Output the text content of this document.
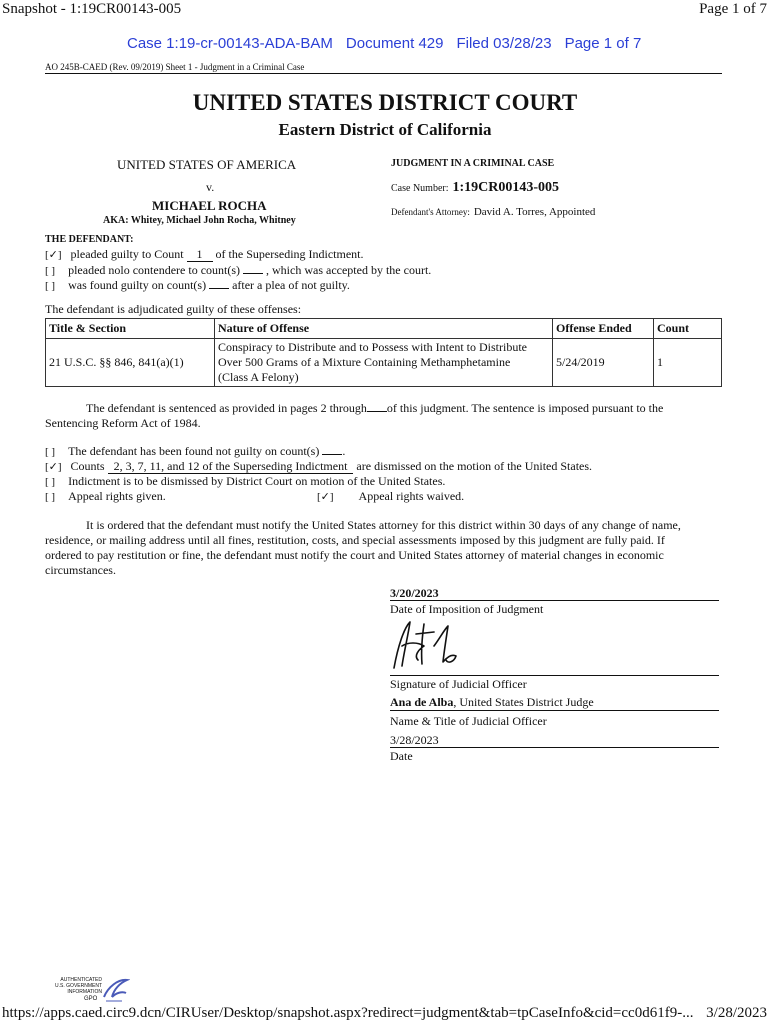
Snapshot - 1:19CR00143-005	Page 1 of 7
Case 1:19-cr-00143-ADA-BAM Document 429 Filed 03/28/23 Page 1 of 7
AO 245B-CAED (Rev. 09/2019) Sheet 1 - Judgment in a Criminal Case
UNITED STATES DISTRICT COURT
Eastern District of California
UNITED STATES OF AMERICA
v.
MICHAEL ROCHA
AKA: Whitey, Michael John Rocha, Whitney
JUDGMENT IN A CRIMINAL CASE
Case Number: 1:19CR00143-005
Defendant's Attorney: David A. Torres, Appointed
THE DEFENDANT:
[✓] pleaded guilty to Count 1 of the Superseding Indictment.
[ ] pleaded nolo contendere to count(s) , which was accepted by the court.
[ ] was found guilty on count(s) after a plea of not guilty.
The defendant is adjudicated guilty of these offenses:
Title & Section	Nature of Offense	Offense Ended	Count
21 U.S.C. §§ 846, 841(a)(1)	Conspiracy to Distribute and to Possess with Intent to Distribute
Over 500 Grams of a Mixture Containing Methamphetamine
(Class A Felony)	5/24/2019	1
The defendant is sentenced as provided in pages 2 through of this judgment. The sentence is imposed pursuant to the
Sentencing Reform Act of 1984.
[ ] The defendant has been found not guilty on count(s) .
[✓] Counts 2, 3, 7, 11, and 12 of the Superseding Indictment are dismissed on the motion of the United States.
[ ] Indictment is to be dismissed by District Court on motion of the United States.
[ ] Appeal rights given.	[✓] Appeal rights waived.
It is ordered that the defendant must notify the United States attorney for this district within 30 days of any change of name,
residence, or mailing address until all fines, restitution, costs, and special assessments imposed by this judgment are fully paid. If
ordered to pay restitution or fine, the defendant must notify the court and United States attorney of material changes in economic
circumstances.
3/20/2023
Date of Imposition of Judgment
Signature of Judicial Officer
Ana de Alba, United States District Judge
Name & Title of Judicial Officer
3/28/2023
Date
AUTHENTICATED
U.S. GOVERNMENT
INFORMATION
GPO
https://apps.caed.circ9.dcn/CIRUser/Desktop/snapshot.aspx?redirect=judgment&tab=tpCaseInfo&cid=cc0d61f9-... 3/28/2023
